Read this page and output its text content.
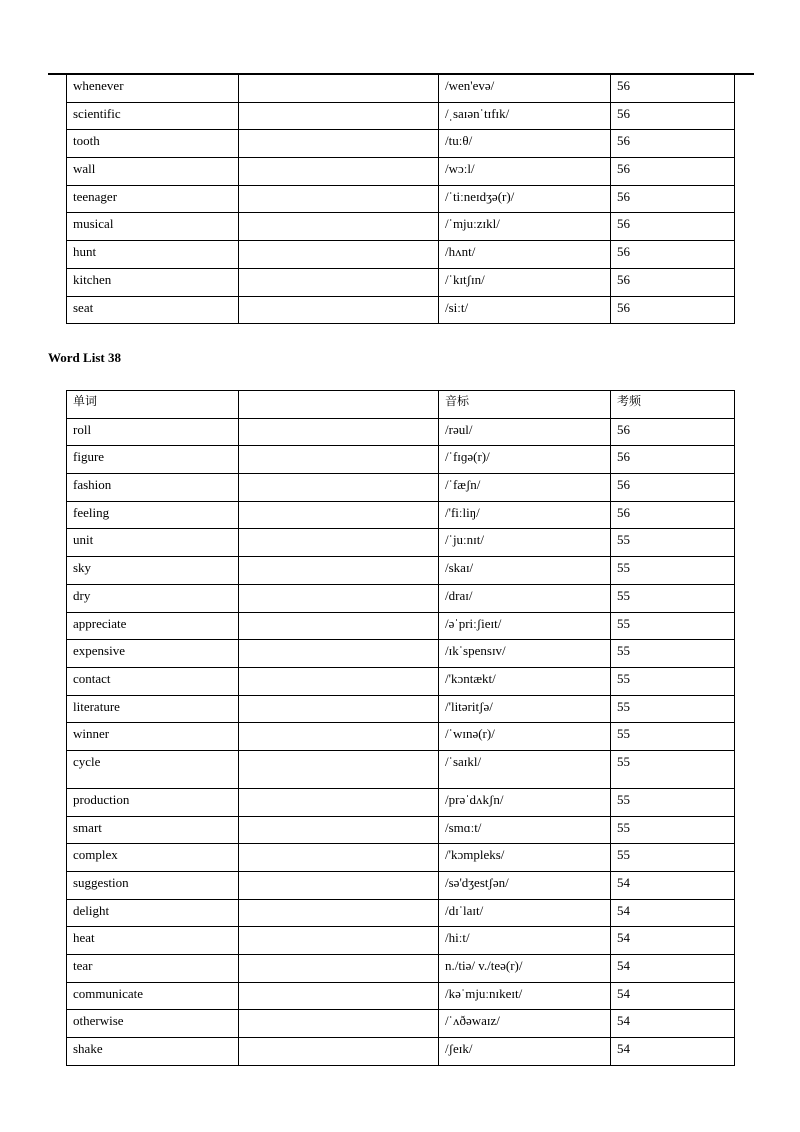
whenever		/wen'evə/	56
scientific		/ˌsaɪənˈtɪfɪk/	56
tooth		/tuːθ/	56
wall		/wɔːl/	56
teenager		/ˈtiːneɪdʒə(r)/	56
musical		/ˈmjuːzɪkl/	56
hunt		/hʌnt/	56
kitchen		/ˈkɪtʃɪn/	56
seat		/siːt/	56
Word List 38
单词		音标	考频
roll		/rəul/	56
figure		/ˈfɪɡə(r)/	56
fashion		/ˈfæʃn/	56
feeling		/'fiːliŋ/	56
unit		/ˈjuːnɪt/	55
sky		/skaɪ/	55
dry		/draɪ/	55
appreciate		/əˈpriːʃieɪt/	55
expensive		/ɪkˈspensɪv/	55
contact		/'kɔntækt/	55
literature		/'litəritʃə/	55
winner		/ˈwɪnə(r)/	55
cycle		/ˈsaɪkl/	55
production		/prəˈdʌkʃn/	55
smart		/smɑːt/	55
complex		/'kɔmpleks/	55
suggestion		/sə'dʒestʃən/	54
delight		/dɪˈlaɪt/	54
heat		/hiːt/	54
tear		n./tiə/ v./teə(r)/	54
communicate		/kəˈmjuːnɪkeɪt/	54
otherwise		/ˈʌðəwaɪz/	54
shake		/ʃeɪk/	54
